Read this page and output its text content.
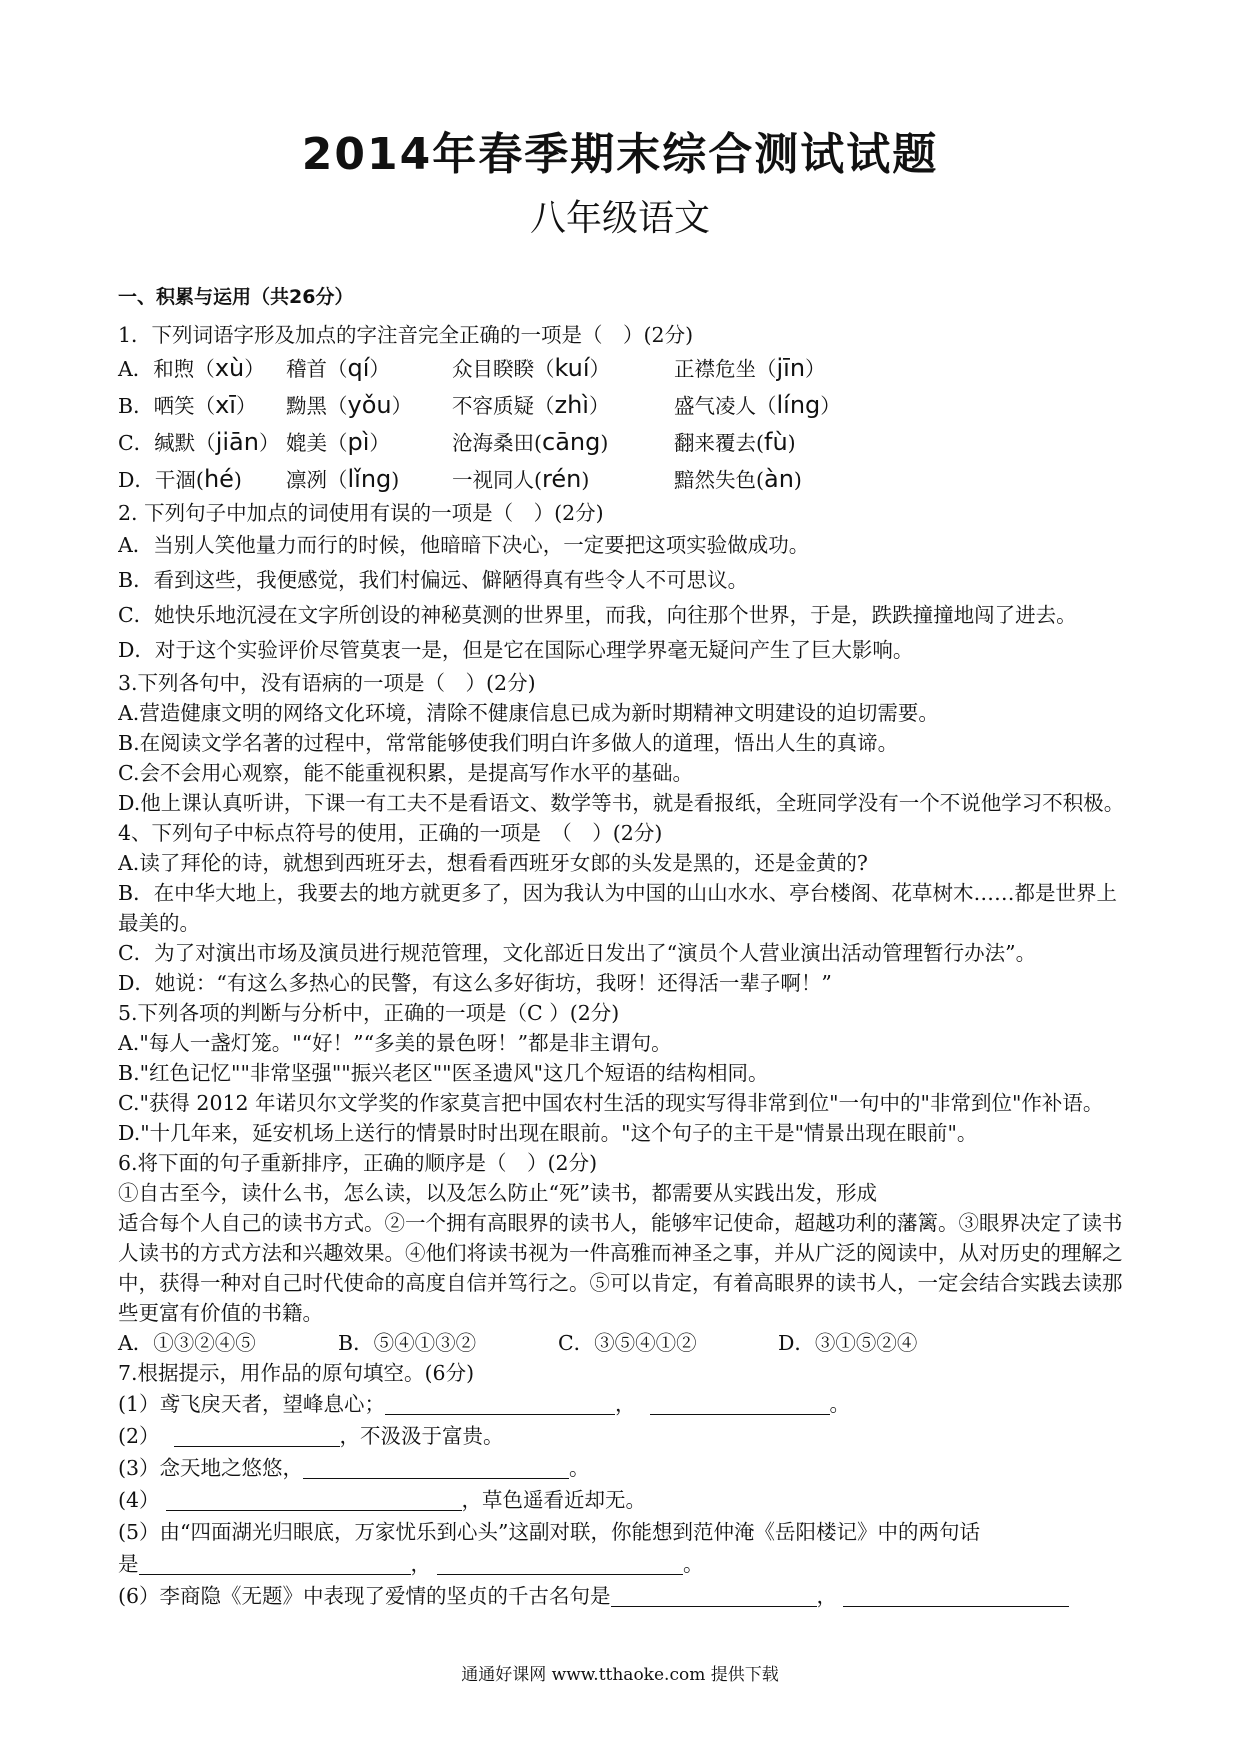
2014年春季期末综合测试试题
八年级语文
一、积累与运用（共26分）
1．下列词语字形及加点的字注音完全正确的一项是（　）(2分)
A．和煦（xù）	稽首（qí）	众目睽睽（kuí）	正襟危坐（jīn）
B．哂笑（xī）	黝黑（yǒu）	不容质疑（zhì）	盛气凌人（líng）
C．缄默（jiān） 媲美（pì）	沧海桑田(cāng)	翻来覆去(fù)
D．干涸(hé)	凛冽（lǐng)	一视同人(rén)	黯然失色(àn)
2. 下列句子中加点的词使用有误的一项是（　）(2分)
A．当别人笑他量力而行的时候，他暗暗下决心，一定要把这项实验做成功。
B．看到这些，我便感觉，我们村偏远、僻陋得真有些令人不可思议。
C．她快乐地沉浸在文字所创设的神秘莫测的世界里，而我，向往那个世界，于是，跌跌撞撞地闯了进去。
D．对于这个实验评价尽管莫衷一是，但是它在国际心理学界毫无疑问产生了巨大影响。
3.下列各句中，没有语病的一项是（　）(2分)
A.营造健康文明的网络文化环境，清除不健康信息已成为新时期精神文明建设的迫切需要。
B.在阅读文学名著的过程中，常常能够使我们明白许多做人的道理，悟出人生的真谛。
C.会不会用心观察，能不能重视积累，是提高写作水平的基础。
D.他上课认真听讲，下课一有工夫不是看语文、数学等书，就是看报纸，全班同学没有一个不说他学习不积极。
4、下列句子中标点符号的使用，正确的一项是　（　）(2分)
A.读了拜伦的诗，就想到西班牙去，想看看西班牙女郎的头发是黑的，还是金黄的?
B．在中华大地上，我要去的地方就更多了，因为我认为中国的山山水水、亭台楼阁、花草树木……都是世界上最美的。
C．为了对演出市场及演员进行规范管理，文化部近日发出了“演员个人营业演出活动管理暂行办法”。
D．她说：“有这么多热心的民警，有这么多好街坊，我呀！还得活一辈子啊！”
5.下列各项的判断与分析中，正确的一项是（C ）(2分)
A."每人一盏灯笼。"“好！”“多美的景色呀！”都是非主谓句。
B."红色记忆""非常坚强""振兴老区""医圣遗风"这几个短语的结构相同。
C."获得 2012 年诺贝尔文学奖的作家莫言把中国农村生活的现实写得非常到位"一句中的"非常到位"作补语。
D."十几年来，延安机场上送行的情景时时出现在眼前。"这个句子的主干是"情景出现在眼前"。
6.将下面的句子重新排序，正确的顺序是（　）(2分)
①自古至今，读什么书，怎么读，以及怎么防止“死”读书，都需要从实践出发，形成
适合每个人自己的读书方式。②一个拥有高眼界的读书人，能够牢记使命，超越功利的藩篱。③眼界决定了读书人读书的方式方法和兴趣效果。④他们将读书视为一件高雅而神圣之事，并从广泛的阅读中，从对历史的理解之中，获得一种对自己时代使命的高度自信并笃行之。⑤可以肯定，有着高眼界的读书人，一定会结合实践去读那些更富有价值的书籍。
A．①③②④⑤	B．⑤④①③②	C．③⑤④①②	D．③①⑤②④
7.根据提示，用作品的原句填空。(6分)
(1）鸢飞戾天者，望峰息心；	，	。
(2）	，不汲汲于富贵。
(3）念天地之悠悠，	。
(4）	，草色遥看近却无。
(5）由“四面湖光归眼底，万家忧乐到心头”这副对联，你能想到范仲淹《岳阳楼记》中的两句话
是	，	。
(6）李商隐《无题》中表现了爱情的坚贞的千古名句是	，
通通好课网 www.tthaoke.com 提供下载
